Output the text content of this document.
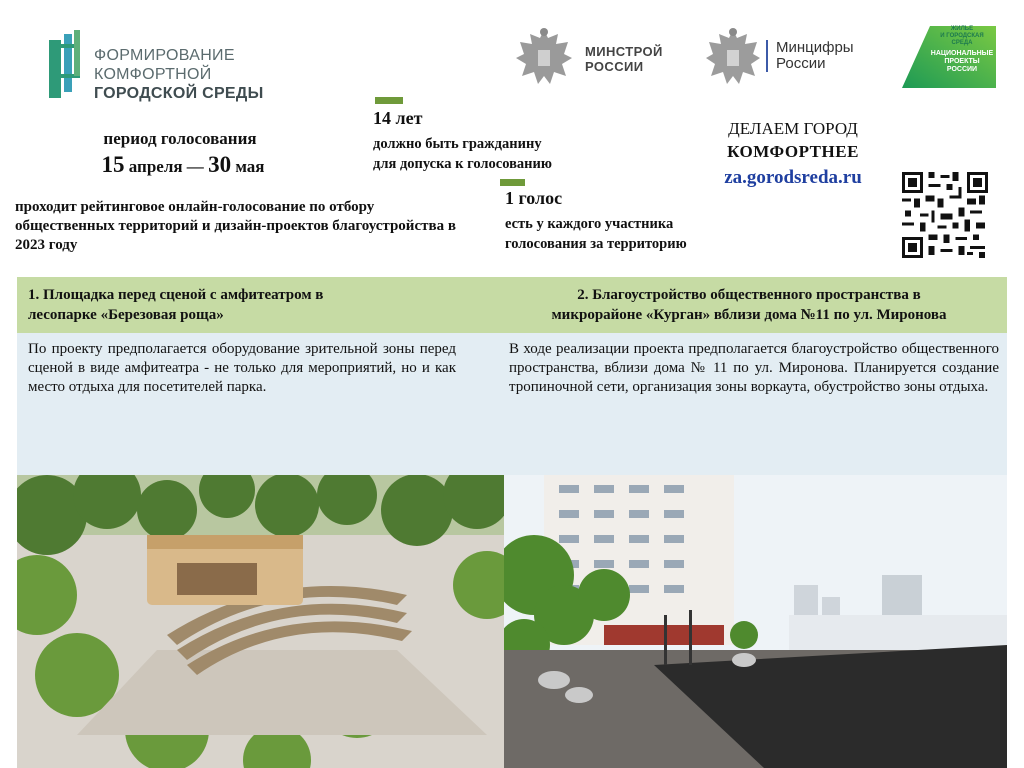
ФОРМИРОВАНИЕ
КОМФОРТНОЙ
ГОРОДСКОЙ СРЕДЫ
МИНСТРОЙ
РОССИИ
Минцифры
России
ЖИЛЬЕ
И ГОРОДСКАЯ СРЕДА
НАЦИОНАЛЬНЫЕ
ПРОЕКТЫ
РОССИИ
период голосования
15 апреля — 30 мая
проходит рейтинговое онлайн-голосование по отбору общественных территорий и дизайн-проектов благоустройства в 2023 году
14 лет
должно быть гражданину
для допуска к голосованию
1 голос
есть у каждого участника
голосования за территорию
ДЕЛАЕМ ГОРОД
КОМФОРТНЕЕ
za.gorodsreda.ru
1. Площадка перед сценой с амфитеатром в
лесопарке «Березовая роща»
2. Благоустройство общественного пространства в
микрорайоне «Курган» вблизи дома №11 по ул. Миронова
По проекту предполагается оборудование зрительной зоны перед сценой в виде амфитеатра - не только для мероприятий, но и как место отдыха для посетителей парка.
В ходе реализации проекта предполагается благоустройство общественного пространства, вблизи дома № 11 по ул. Миронова. Планируется создание тропиночной сети, организация зоны воркаута, обустройство зоны отдыха.
